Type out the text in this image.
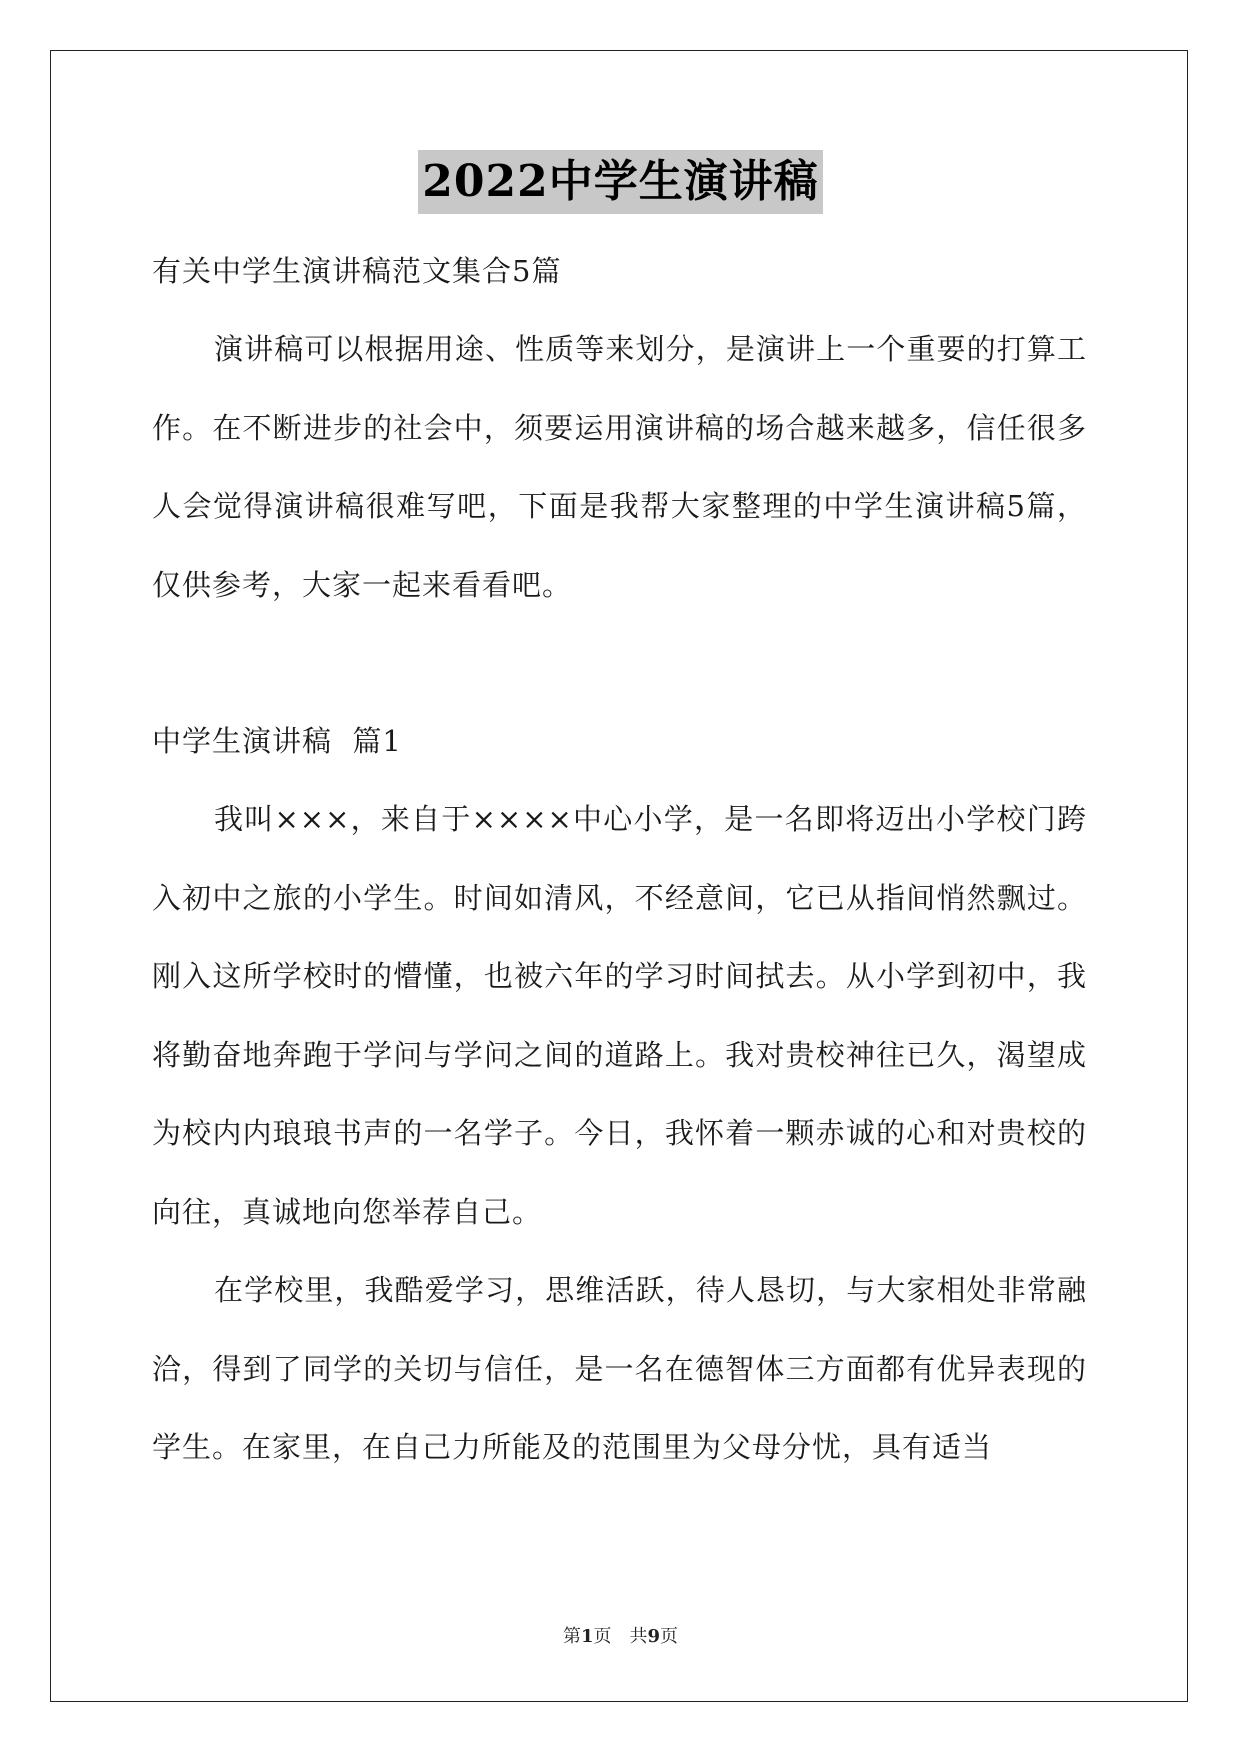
2022中学生演讲稿
有关中学生演讲稿范文集合5篇
演讲稿可以根据用途、性质等来划分，是演讲上一个重要的打算工作。在不断进步的社会中，须要运用演讲稿的场合越来越多，信任很多人会觉得演讲稿很难写吧，下面是我帮大家整理的中学生演讲稿5篇，仅供参考，大家一起来看看吧。
中学生演讲稿  篇1
我叫×××，来自于××××中心小学，是一名即将迈出小学校门跨入初中之旅的小学生。时间如清风，不经意间，它已从指间悄然飘过。刚入这所学校时的懵懂，也被六年的学习时间拭去。从小学到初中，我将勤奋地奔跑于学问与学问之间的道路上。我对贵校神往已久，渴望成为校内内琅琅书声的一名学子。今日，我怀着一颗赤诚的心和对贵校的向往，真诚地向您举荐自己。
在学校里，我酷爱学习，思维活跃，待人恳切，与大家相处非常融洽，得到了同学的关切与信任，是一名在德智体三方面都有优异表现的学生。在家里，在自己力所能及的范围里为父母分忧，具有适当
第1页　共9页
